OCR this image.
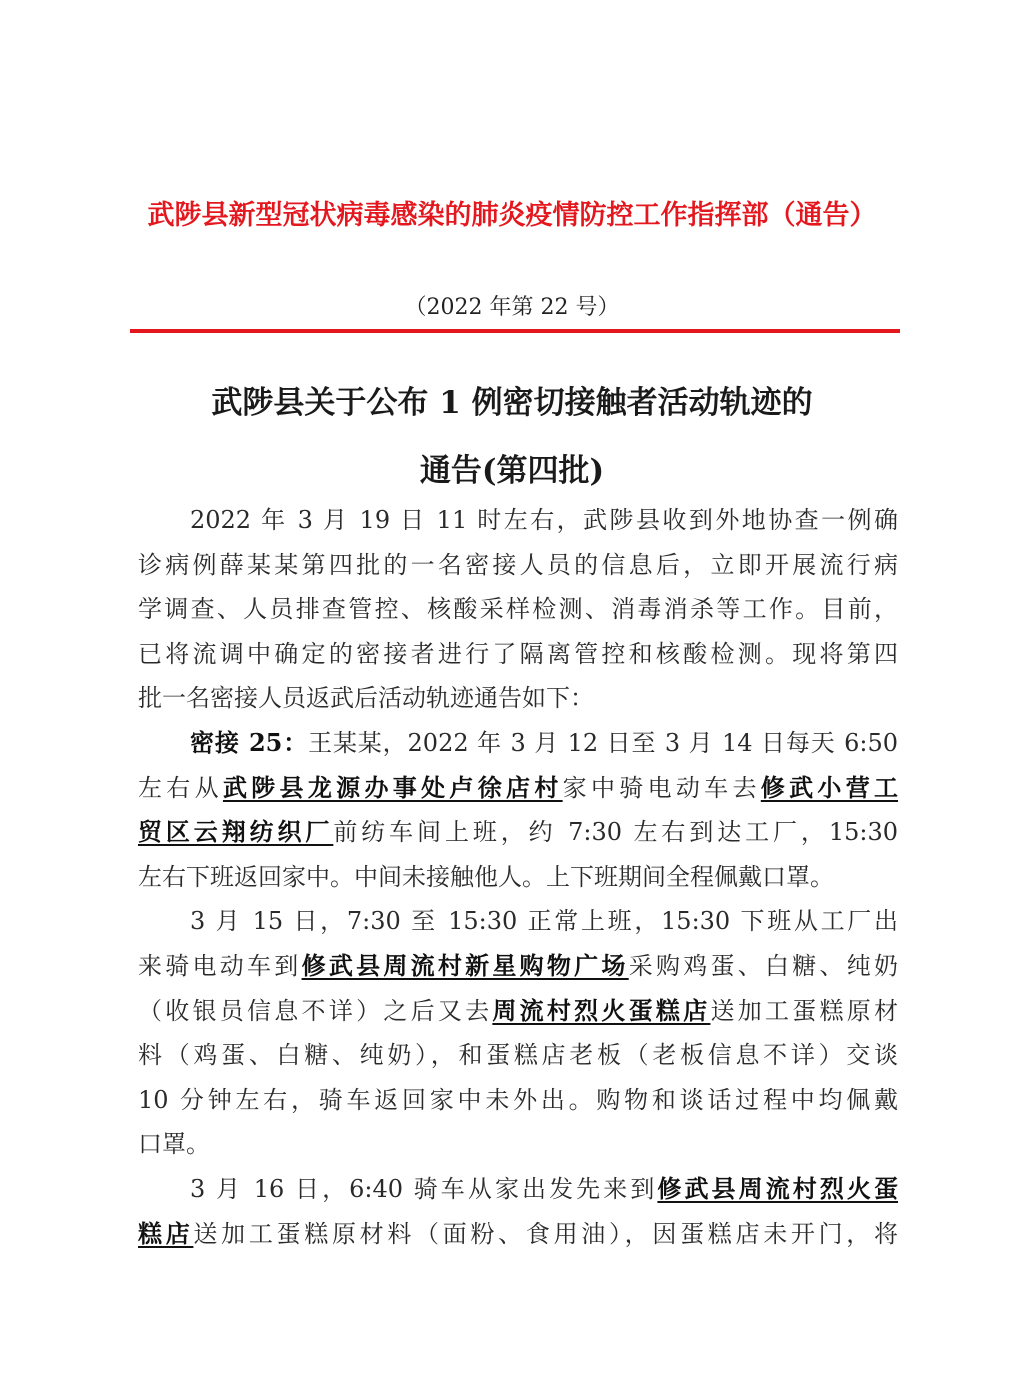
武陟县新型冠状病毒感染的肺炎疫情防控工作指挥部（通告）
（2022 年第 22 号）
武陟县关于公布 1 例密切接触者活动轨迹的
通告(第四批)
2022 年 3 月 19 日 11 时左右，武陟县收到外地协查一例确
诊病例薛某某第四批的一名密接人员的信息后，立即开展流行病
学调查、人员排查管控、核酸采样检测、消毒消杀等工作。目前，
已将流调中确定的密接者进行了隔离管控和核酸检测。现将第四
批一名密接人员返武后活动轨迹通告如下：
密接 25：王某某，2022 年 3 月 12 日至 3 月 14 日每天 6:50
左右从武陟县龙源办事处卢徐店村家中骑电动车去修武小营工
贸区云翔纺织厂前纺车间上班，约 7:30 左右到达工厂，15:30
左右下班返回家中。中间未接触他人。上下班期间全程佩戴口罩。
3 月 15 日，7:30 至 15:30 正常上班，15:30 下班从工厂出
来骑电动车到修武县周流村新星购物广场采购鸡蛋、白糖、纯奶
（收银员信息不详）之后又去周流村烈火蛋糕店送加工蛋糕原材
料（鸡蛋、白糖、纯奶），和蛋糕店老板（老板信息不详）交谈
10 分钟左右，骑车返回家中未外出。购物和谈话过程中均佩戴
口罩。
3 月 16 日，6:40 骑车从家出发先来到修武县周流村烈火蛋
糕店送加工蛋糕原材料（面粉、食用油），因蛋糕店未开门，将
